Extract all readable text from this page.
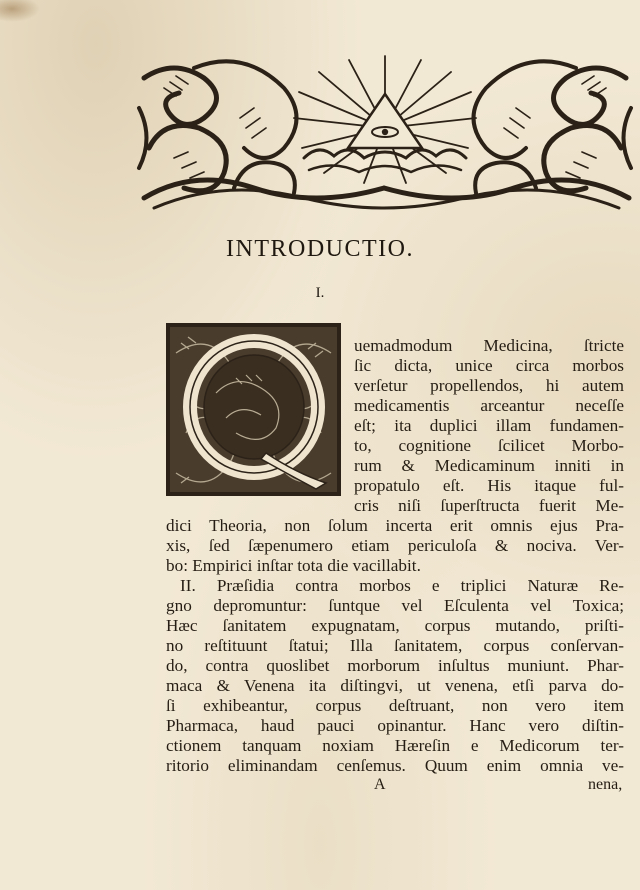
INTRODUCTIO.
I.
uemadmodum Medicina, ſtricte
ſic dicta, unice circa morbos
verſetur propellendos, hi autem
medicamentis arceantur neceſſe
eſt; ita duplici illam fundamen-
to, cognitione ſcilicet Morbo-
rum & Medicaminum inniti in
propatulo eſt. His itaque ful-
cris niſi ſuperſtructa fuerit Me-
dici Theoria, non ſolum incerta erit omnis ejus Pra-
xis, ſed ſæpenumero etiam periculoſa & nociva. Ver-
bo: Empirici inſtar tota die vacillabit.
II. Præſidia contra morbos e triplici Naturæ Re-
gno depromuntur: ſuntque vel Eſculenta vel Toxica;
Hæc ſanitatem expugnatam, corpus mutando, priſti-
no reſtituunt ſtatui; Illa ſanitatem, corpus conſervan-
do, contra quoslibet morborum inſultus muniunt. Phar-
maca & Venena ita diſtingvi, ut venena, etſi parva do-
ſi exhibeantur, corpus deſtruant, non vero item
Pharmaca, haud pauci opinantur. Hanc vero diſtin-
ctionem tanquam noxiam Hæreſin e Medicorum ter-
ritorio eliminandam cenſemus. Quum enim omnia ve-
A	nena,
